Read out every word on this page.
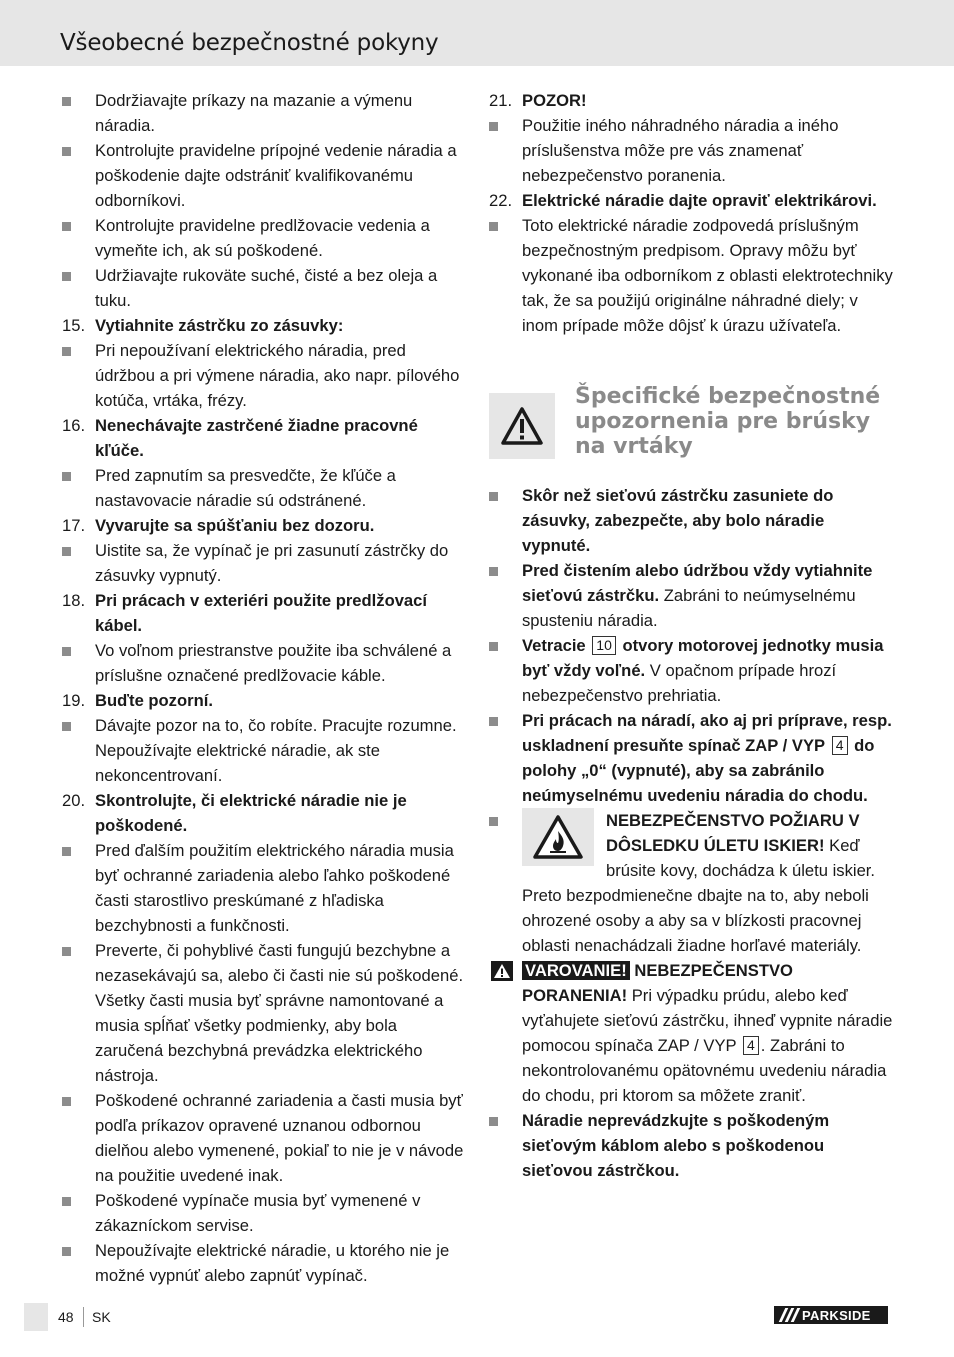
Všeobecné bezpečnostné pokyny
Dodržiavajte príkazy na mazanie a výmenu náradia.
Kontrolujte pravidelne prípojné vedenie náradia a poškodenie dajte odstrániť kvalifikovanému odborníkovi.
Kontrolujte pravidelne predlžovacie vedenia a vymeňte ich, ak sú poškodené.
Udržiavajte rukoväte suché, čisté a bez oleja a tuku.
15. Vytiahnite zástrčku zo zásuvky:
Pri nepoužívaní elektrického náradia, pred údržbou a pri výmene náradia, ako napr. pílového kotúča, vrtáka, frézy.
16. Nenechávajte zastrčené žiadne pracovné kľúče.
Pred zapnutím sa presvedčte, že kľúče a nastavovacie náradie sú odstránené.
17. Vyvarujte sa spúšťaniu bez dozoru.
Uistite sa, že vypínač je pri zasunutí zástrčky do zásuvky vypnutý.
18. Pri prácach v exteriéri použite predlžovací kábel.
Vo voľnom priestranstve použite iba schválené a príslušne označené predlžovacie káble.
19. Buďte pozorní.
Dávajte pozor na to, čo robíte. Pracujte rozumne. Nepoužívajte elektrické náradie, ak ste nekoncentrovaní.
20. Skontrolujte, či elektrické náradie nie je poškodené.
Pred ďalším použitím elektrického náradia musia byť ochranné zariadenia alebo ľahko poškodené časti starostlivo preskúmané z hľadiska bezchybnosti a funkčnosti.
Preverte, či pohyblivé časti fungujú bezchybne a nezasekávajú sa, alebo či časti nie sú poškodené. Všetky časti musia byť správne namontované a musia spĺňať všetky podmienky, aby bola zaručená bezchybná prevádzka elektrického nástroja.
Poškodené ochranné zariadenia a časti musia byť podľa príkazov opravené uznanou odbornou dielňou alebo vymenené, pokiaľ to nie je v návode na použitie uvedené inak.
Poškodené vypínače musia byť vymenené v zákazníckom servise.
Nepoužívajte elektrické náradie, u ktorého nie je možné vypnúť alebo zapnúť vypínač.
21. POZOR!
Použitie iného náhradného náradia a iného príslušenstva môže pre vás znamenať nebezpečenstvo poranenia.
22. Elektrické náradie dajte opraviť elektrikárovi.
Toto elektrické náradie zodpovedá príslušným bezpečnostným predpisom. Opravy môžu byť vykonané iba odborníkom z oblasti elektrotechniky tak, že sa použijú originálne náhradné diely; v inom prípade môže dôjsť k úrazu užívateľa.
Špecifické bezpečnostné upozornenia pre brúsky na vrtáky
Skôr než sieťovú zástrčku zasuniete do zásuvky, zabezpečte, aby bolo náradie vypnuté.
Pred čistením alebo údržbou vždy vytiahnite sieťovú zástrčku. Zabráni to neúmyselnému spusteniu náradia.
Vetracie 10 otvory motorovej jednotky musia byť vždy voľné. V opačnom prípade hrozí nebezpečenstvo prehriatia.
Pri prácach na náradí, ako aj pri príprave, resp. uskladnení presuňte spínač ZAP / VYP 4 do polohy „0“ (vypnuté), aby sa zabránilo neúmyselnému uvedeniu náradia do chodu.
NEBEZPEČENSTVO POŽIARU V DÔSLEDKU ÚLETU ISKIER! Keď brúsite kovy, dochádza k úletu iskier. Preto bezpodmienečne dbajte na to, aby neboli ohrozené osoby a aby sa v blízkosti pracovnej oblasti nenachádzali žiadne horľavé materiály.
VAROVANIE! NEBEZPEČENSTVO PORANENIA! Pri výpadku prúdu, alebo keď vyťahujete sieťovú zástrčku, ihneď vypnite náradie pomocou spínača ZAP / VYP 4 . Zabráni to nekontrolovanému opätovnému uvedeniu náradia do chodu, pri ktorom sa môžete zraniť.
Náradie neprevádzkujte s poškodeným sieťovým káblom alebo s poškodenou sieťovou zástrčkou.
48 SK	PARKSIDE
